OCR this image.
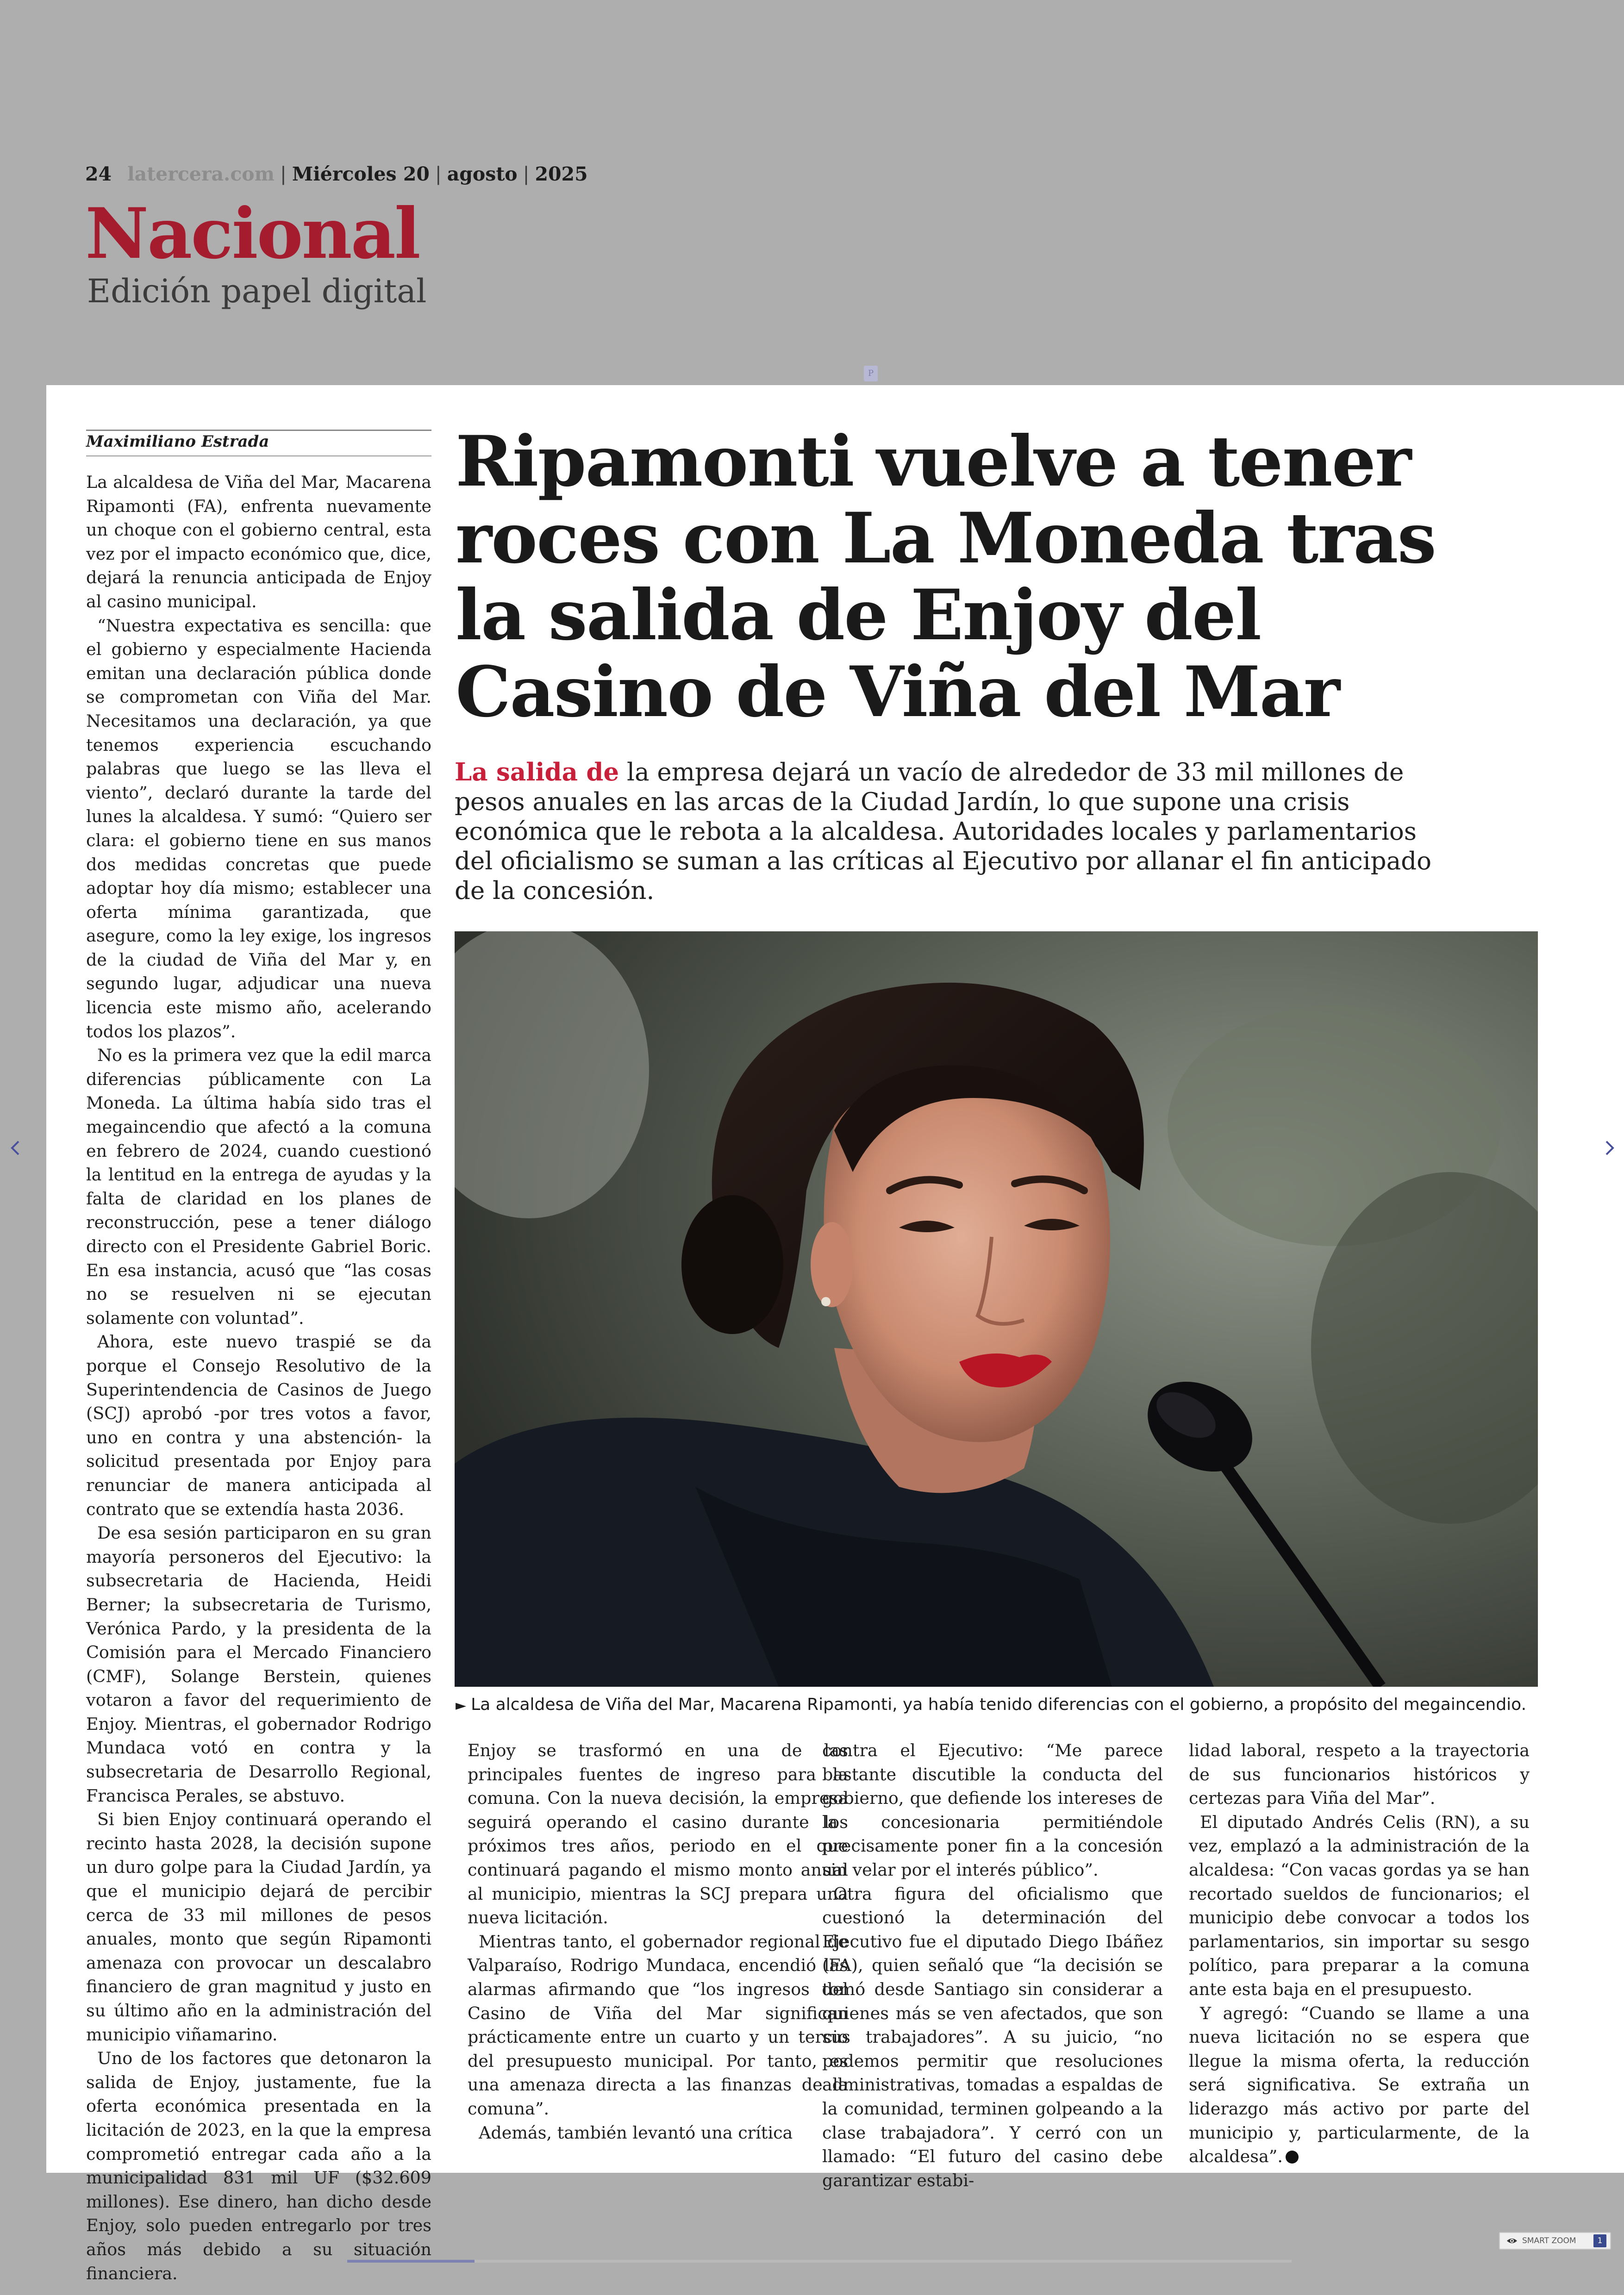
24 latercera.com | Miércoles 20 | agosto | 2025
Nacional
Edición papel digital
P
Maximiliano Estrada

La alcaldesa de Viña del Mar, Macarena Ripamonti (FA), enfrenta nuevamente un choque con el gobierno central, esta vez por el impacto económico que, dice, dejará la renuncia anticipada de Enjoy al casino municipal.

“Nuestra expectativa es sencilla: que el gobierno y especialmente Hacienda emitan una declaración pública donde se comprometan con Viña del Mar. Necesitamos una declaración, ya que tenemos experiencia escuchando palabras que luego se las lleva el viento”, declaró durante la tarde del lunes la alcaldesa. Y sumó: “Quiero ser clara: el gobierno tiene en sus manos dos medidas concretas que puede adoptar hoy día mismo; establecer una oferta mínima garantizada, que asegure, como la ley exige, los ingresos de la ciudad de Viña del Mar y, en segundo lugar, adjudicar una nueva licencia este mismo año, acelerando todos los plazos”.

No es la primera vez que la edil marca diferencias públicamente con La Moneda. La última había sido tras el megaincendio que afectó a la comuna en febrero de 2024, cuando cuestionó la lentitud en la entrega de ayudas y la falta de claridad en los planes de reconstrucción, pese a tener diálogo directo con el Presidente Gabriel Boric. En esa instancia, acusó que “las cosas no se resuelven ni se ejecutan solamente con voluntad”.

Ahora, este nuevo traspié se da porque el Consejo Resolutivo de la Superintendencia de Casinos de Juego (SCJ) aprobó -por tres votos a favor, uno en contra y una abstención- la solicitud presentada por Enjoy para renunciar de manera anticipada al contrato que se extendía hasta 2036.

De esa sesión participaron en su gran mayoría personeros del Ejecutivo: la subsecretaria de Hacienda, Heidi Berner; la subsecretaria de Turismo, Verónica Pardo, y la presidenta de la Comisión para el Mercado Financiero (CMF), Solange Berstein, quienes votaron a favor del requerimiento de Enjoy. Mientras, el gobernador Rodrigo Mundaca votó en contra y la subsecretaria de Desarrollo Regional, Francisca Perales, se abstuvo.

Si bien Enjoy continuará operando el recinto hasta 2028, la decisión supone un duro golpe para la Ciudad Jardín, ya que el municipio dejará de percibir cerca de 33 mil millones de pesos anuales, monto que según Ripamonti amenaza con provocar un descalabro financiero de gran magnitud y justo en su último año en la administración del municipio viñamarino.

Uno de los factores que detonaron la salida de Enjoy, justamente, fue la oferta económica presentada en la licitación de 2023, en la que la empresa comprometió entregar cada año a la municipalidad 831 mil UF ($32.609 millones). Ese dinero, han dicho desde Enjoy, solo pueden entregarlo por tres años más debido a su situación financiera.

Ripamonti vuelve a tener roces con La Moneda tras la salida de Enjoy del Casino de Viña del Mar
La salida de la empresa dejará un vacío de alrededor de 33 mil millones de pesos anuales en las arcas de la Ciudad Jardín, lo que supone una crisis económica que le rebota a la alcaldesa. Autoridades locales y parlamentarios del oficialismo se suman a las críticas al Ejecutivo por allanar el fin anticipado de la concesión.
► La alcaldesa de Viña del Mar, Macarena Ripamonti, ya había tenido diferencias con el gobierno, a propósito del megaincendio.

Enjoy se trasformó en una de las principales fuentes de ingreso para la comuna. Con la nueva decisión, la empresa seguirá operando el casino durante los próximos tres años, periodo en el que continuará pagando el mismo monto anual al municipio, mientras la SCJ prepara una nueva licitación.

Mientras tanto, el gobernador regional de Valparaíso, Rodrigo Mundaca, encendió las alarmas afirmando que “los ingresos del Casino de Viña del Mar significan prácticamente entre un cuarto y un tercio del presupuesto municipal. Por tanto, es una amenaza directa a las finanzas de la comuna”.

Además, también levantó una crítica

contra el Ejecutivo: “Me parece bastante discutible la conducta del gobierno, que defiende los intereses de la concesionaria permitiéndole precisamente poner fin a la concesión sin velar por el interés público”.

Otra figura del oficialismo que cuestionó la determinación del Ejecutivo fue el diputado Diego Ibáñez (FA), quien señaló que “la decisión se tomó desde Santiago sin considerar a quienes más se ven afectados, que son sus trabajadores”. A su juicio, “no podemos permitir que resoluciones administrativas, tomadas a espaldas de la comunidad, terminen golpeando a la clase trabajadora”. Y cerró con un llamado: “El futuro del casino debe garantizar estabi-

lidad laboral, respeto a la trayectoria de sus funcionarios históricos y certezas para Viña del Mar”.

El diputado Andrés Celis (RN), a su vez, emplazó a la administración de la alcaldesa: “Con vacas gordas ya se han recortado sueldos de funcionarios; el municipio debe convocar a todos los parlamentarios, sin importar su sesgo político, para preparar a la comuna ante esta baja en el presupuesto.

Y agregó: “Cuando se llame a una nueva licitación no se espera que llegue la misma oferta, la reducción será significativa. Se extraña un liderazgo más activo por parte del municipio y, particularmente, de la alcaldesa”.

SMART ZOOM	1
